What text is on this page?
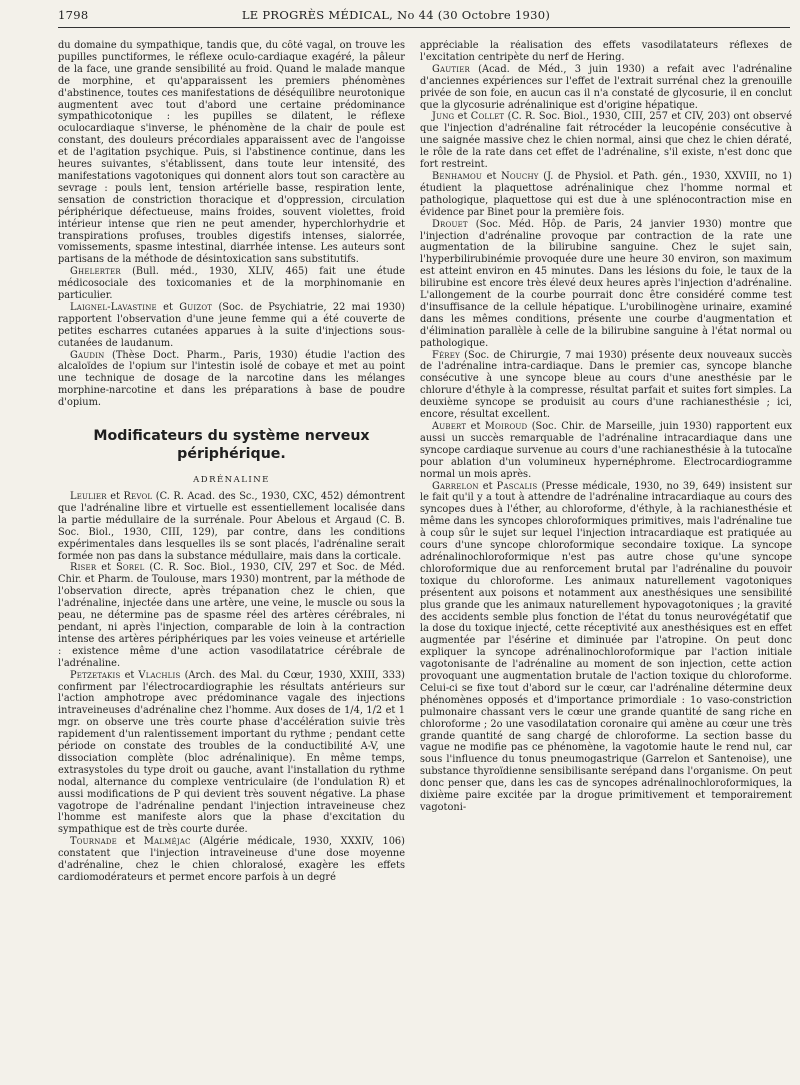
1798	LE PROGRÈS MÉDICAL, No 44 (30 Octobre 1930)

du domaine du sympathique, tandis que, du côté vagal, on trouve les pupilles punctiformes, le réflexe oculo-cardiaque exagéré, la pâleur de la face, une grande sensibilité au froid. Quand le malade manque de morphine, et qu'apparaissent les premiers phénomènes d'abstinence, toutes ces manifestations de déséquilibre neurotonique augmentent avec tout d'abord une certaine prédominance sympathicotonique : les pupilles se dilatent, le réflexe oculocardiaque s'inverse, le phénomène de la chair de poule est constant, des douleurs précordiales apparaissent avec de l'angoisse et de l'agitation psychique. Puis, si l'abstinence continue, dans les heures suivantes, s'établissent, dans toute leur intensité, des manifestations vagotoniques qui donnent alors tout son caractère au sevrage : pouls lent, tension artérielle basse, respiration lente, sensation de constriction thoracique et d'oppression, circulation périphérique défectueuse, mains froides, souvent violettes, froid intérieur intense que rien ne peut amender, hyperchlorhydrie et transpirations profuses, troubles digestifs intenses, sialorrée, vomissements, spasme intestinal, diarrhée intense. Les auteurs sont partisans de la méthode de désintoxication sans substitutifs.

Ghelerter (Bull. méd., 1930, XLIV, 465) fait une étude médicosociale des toxicomanies et de la morphinomanie en particulier.

Laignel-Lavastine et Guizot (Soc. de Psychiatrie, 22 mai 1930) rapportent l'observation d'une jeune femme qui a été couverte de petites escharres cutanées apparues à la suite d'injections sous-cutanées de laudanum.

Gaudin (Thèse Doct. Pharm., Paris, 1930) étudie l'action des alcaloïdes de l'opium sur l'intestin isolé de cobaye et met au point une technique de dosage de la narcotine dans les mélanges morphine-narcotine et dans les préparations à base de poudre d'opium.

Modificateurs du système nerveux périphérique.
ADRÉNALINE

Leulier et Revol (C. R. Acad. des Sc., 1930, CXC, 452) démontrent que l'adrénaline libre et virtuelle est essentiellement localisée dans la partie médullaire de la surrénale. Pour Abelous et Argaud (C. B. Soc. Biol., 1930, CIII, 129), par contre, dans les conditions expérimentales dans lesquelles ils se sont placés, l'adrénaline serait formée non pas dans la substance médullaire, mais dans la corticale.

Riser et Sorel (C. R. Soc. Biol., 1930, CIV, 297 et Soc. de Méd. Chir. et Pharm. de Toulouse, mars 1930) montrent, par la méthode de l'observation directe, après trépanation chez le chien, que l'adrénaline, injectée dans une artère, une veine, le muscle ou sous la peau, ne détermine pas de spasme réel des artères cérébrales, ni pendant, ni après l'injection, comparable de loin à la contraction intense des artères périphériques par les voies veineuse et artérielle : existence même d'une action vasodilatatrice cérébrale de l'adrénaline.

Petzetakis et Vlachlis (Arch. des Mal. du Cœur, 1930, XXIII, 333) confirment par l'électrocardiographie les résultats antérieurs sur l'action amphotrope avec prédominance vagale des injections intraveineuses d'adrénaline chez l'homme. Aux doses de 1/4, 1/2 et 1 mgr. on observe une très courte phase d'accélération suivie très rapidement d'un ralentissement important du rythme ; pendant cette période on constate des troubles de la conductibilité A-V, une dissociation complète (bloc adrénalinique). En même temps, extrasystoles du type droit ou gauche, avant l'installation du rythme nodal, alternance du complexe ventriculaire (de l'ondulation R) et aussi modifications de P qui devient très souvent négative. La phase vagotrope de l'adrénaline pendant l'injection intraveineuse chez l'homme est manifeste alors que la phase d'excitation du sympathique est de très courte durée.

Tournade et Malméjac (Algérie médicale, 1930, XXXIV, 106) constatent que l'injection intraveineuse d'une dose moyenne d'adrénaline, chez le chien chloralosé, exagère les effets cardiomodérateurs et permet encore parfois à un degré

appréciable la réalisation des effets vasodilatateurs réflexes de l'excitation centripète du nerf de Hering.

Gautier (Acad. de Méd., 3 juin 1930) a refait avec l'adrénaline d'anciennes expériences sur l'effet de l'extrait surrénal chez la grenouille privée de son foie, en aucun cas il n'a constaté de glycosurie, il en conclut que la glycosurie adrénalinique est d'origine hépatique.

Jung et Collet (C. R. Soc. Biol., 1930, CIII, 257 et CIV, 203) ont observé que l'injection d'adrénaline fait rétrocéder la leucopénie consécutive à une saignée massive chez le chien normal, ainsi que chez le chien dératé, le rôle de la rate dans cet effet de l'adrénaline, s'il existe, n'est donc que fort restreint.

Benhamou et Nouchy (J. de Physiol. et Path. gén., 1930, XXVIII, no 1) étudient la plaquettose adrénalinique chez l'homme normal et pathologique, plaquettose qui est due à une splénocontraction mise en évidence par Binet pour la première fois.

Drouet (Soc. Méd. Hôp. de Paris, 24 janvier 1930) montre que l'injection d'adrénaline provoque par contraction de la rate une augmentation de la bilirubine sanguine. Chez le sujet sain, l'hyperbilirubinémie provoquée dure une heure 30 environ, son maximum est atteint environ en 45 minutes. Dans les lésions du foie, le taux de la bilirubine est encore très élevé deux heures après l'injection d'adrénaline. L'allongement de la courbe pourrait donc être considéré comme test d'insuffisance de la cellule hépatique. L'urobilinogène urinaire, examiné dans les mêmes conditions, présente une courbe d'augmentation et d'élimination parallèle à celle de la bilirubine sanguine à l'état normal ou pathologique.

Férey (Soc. de Chirurgie, 7 mai 1930) présente deux nouveaux succès de l'adrénaline intra-cardiaque. Dans le premier cas, syncope blanche consécutive à une syncope bleue au cours d'une anesthésie par le chlorure d'éthyle à la compresse, résultat parfait et suites fort simples. La deuxième syncope se produisit au cours d'une rachianesthésie ; ici, encore, résultat excellent.

Aubert et Moiroud (Soc. Chir. de Marseille, juin 1930) rapportent eux aussi un succès remarquable de l'adrénaline intracardiaque dans une syncope cardiaque survenue au cours d'une rachianesthésie à la tutocaïne pour ablation d'un volumineux hypernéphrome. Electrocardiogramme normal un mois après.

Garrelon et Pascalis (Presse médicale, 1930, no 39, 649) insistent sur le fait qu'il y a tout à attendre de l'adrénaline intracardiaque au cours des syncopes dues à l'éther, au chloroforme, d'éthyle, à la rachianesthésie et même dans les syncopes chloroformiques primitives, mais l'adrénaline tue à coup sûr le sujet sur lequel l'injection intracardiaque est pratiquée au cours d'une syncope chloroformique secondaire toxique. La syncope adrénalinochloroformique n'est pas autre chose qu'une syncope chloroformique due au renforcement brutal par l'adrénaline du pouvoir toxique du chloroforme. Les animaux naturellement vagotoniques présentent aux poisons et notamment aux anesthésiques une sensibilité plus grande que les animaux naturellement hypovagotoniques ; la gravité des accidents semble plus fonction de l'état du tonus neurovégétatif que la dose du toxique injecté, cette réceptivité aux anesthésiques est en effet augmentée par l'ésérine et diminuée par l'atropine. On peut donc expliquer la syncope adrénalinochloroformique par l'action initiale vagotonisante de l'adrénaline au moment de son injection, cette action provoquant une augmentation brutale de l'action toxique du chloroforme. Celui-ci se fixe tout d'abord sur le cœur, car l'adrénaline détermine deux phénomènes opposés et d'importance primordiale : 1o vaso-constriction pulmonaire chassant vers le cœur une grande quantité de sang riche en chloroforme ; 2o une vasodilatation coronaire qui amène au cœur une très grande quantité de sang chargé de chloroforme. La section basse du vague ne modifie pas ce phénomène, la vagotomie haute le rend nul, car sous l'influence du tonus pneumogastrique (Garrelon et Santenoise), une substance thyroïdienne sensibilisante serépand dans l'organisme. On peut donc penser que, dans les cas de syncopes adrénalinochloroformiques, la dixième paire excitée par la drogue primitivement et temporairement vagotoni-
